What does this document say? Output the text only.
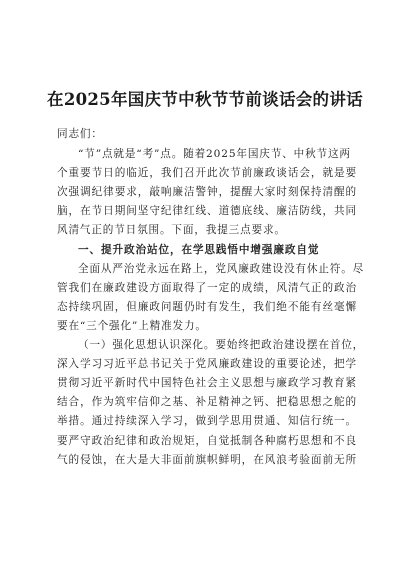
在2025年国庆节中秋节节前谈话会的讲话
同志们：
“节”点就是“考”点。随着2025年国庆节、中秋节这两
个重要节日的临近，我们召开此次节前廉政谈话会，就是要
次强调纪律要求，敲响廉洁警钟，提醒大家时刻保持清醒的
脑，在节日期间坚守纪律红线、道德底线、廉洁防线，共同
风清气正的节日氛围。下面，我提三点要求。
一、提升政治站位，在学思践悟中增强廉政自觉
全面从严治党永远在路上，党风廉政建设没有休止符。尽
管我们在廉政建设方面取得了一定的成绩，风清气正的政治
态持续巩固，但廉政问题仍时有发生，我们绝不能有丝毫懈
要在“三个强化”上精准发力。
（一）强化思想认识深化。要始终把政治建设摆在首位，
深入学习习近平总书记关于党风廉政建设的重要论述，把学
贯彻习近平新时代中国特色社会主义思想与廉政学习教育紧
结合，作为筑牢信仰之基、补足精神之钙、把稳思想之舵的
举措。通过持续深入学习，做到学思用贯通、知信行统一。
要严守政治纪律和政治规矩，自觉抵制各种腐朽思想和不良
气的侵蚀，在大是大非面前旗帜鲜明，在风浪考验面前无所
